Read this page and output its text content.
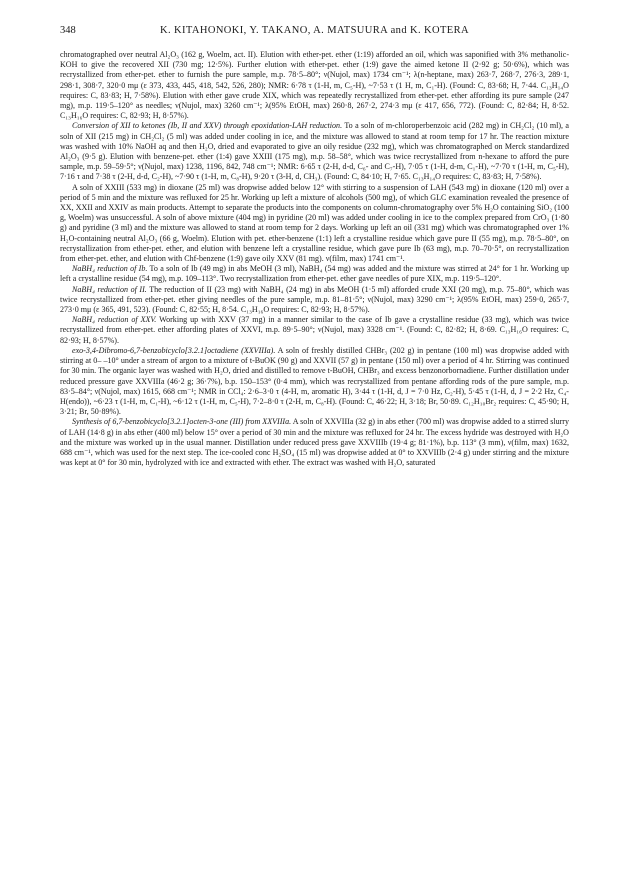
348	K. KITAHONOKI, Y. TAKANO, A. MATSUURA and K. KOTERA

chromatographed over neutral Al₂O₃ (162 g, Woelm, act. II). Elution with ether-pet. ether (1:19) afforded an oil, which was saponified with 3% methanolic-KOH to give the recovered XII (730 mg; 12·5%). Further elution with ether-pet. ether (1:9) gave the aimed ketone II (2·92 g; 50·6%), which was recrystallized from ether-pet. ether to furnish the pure sample, m.p. 78·5–80°; ν(Nujol, max) 1734 cm⁻¹; λ(n-heptane, max) 263·7, 268·7, 276·3, 289·1, 298·1, 308·7, 320·0 mμ (ε 373, 433, 445, 418, 542, 526, 280); NMR: 6·78 τ (1-H, m, C₅-H), ~7·53 τ (1 H, m, C₁-H). (Found: C, 83·68; H, 7·44. C₁₃H₁₄O requires: C, 83·83; H, 7·58%). Elution with ether gave crude XIX, which was repeatedly recrystallized from ether-pet. ether affording its pure sample (247 mg), m.p. 119·5–120° as needles; ν(Nujol, max) 3260 cm⁻¹; λ(95% EtOH, max) 260·8, 267·2, 274·3 mμ (ε 417, 656, 772). (Found: C, 82·84; H, 8·52. C₁₃H₁₆O requires: C, 82·93; H, 8·57%).

Conversion of XII to ketones (Ib, II and XXV) through epoxidation-LAH reduction. To a soln of m-chloroperbenzoic acid (282 mg) in CH₂Cl₂ (10 ml), a soln of XII (215 mg) in CH₂Cl₂ (5 ml) was added under cooling in ice, and the mixture was allowed to stand at room temp for 17 hr. The reaction mixture was washed with 10% NaOH aq and then H₂O, dried and evaporated to give an oily residue (232 mg), which was chromatographed on Merck standardized Al₂O₃ (9·5 g). Elution with benzene-pet. ether (1:4) gave XXIII (175 mg), m.p. 58–58°, which was twice recrystallized from n-hexane to afford the pure sample, m.p. 59–59·5°; ν(Nujol, max) 1238, 1196, 842, 748 cm⁻¹; NMR: 6·65 τ (2-H, d-d, C₆- and C₇-H), 7·05 τ (1-H, d-m, C₁-H), ~7·70 τ (1-H, m, C₅-H), 7·16 τ and 7·38 τ (2-H, d-d, C₂-H), ~7·90 τ (1-H, m, C₈-H), 9·20 τ (3-H, d, CH₃). (Found: C, 84·10; H, 7·65. C₁₃H₁₄O requires: C, 83·83; H, 7·58%).

A soln of XXIII (533 mg) in dioxane (25 ml) was dropwise added below 12° with stirring to a suspension of LAH (543 mg) in dioxane (120 ml) over a period of 5 min and the mixture was refluxed for 25 hr. Working up left a mixture of alcohols (500 mg), of which GLC examination revealed the presence of XX, XXII and XXIV as main products. Attempt to separate the products into the components on column-chromatography over 5% H₂O containing SiO₂ (100 g, Woelm) was unsuccessful. A soln of above mixture (404 mg) in pyridine (20 ml) was added under cooling in ice to the complex prepared from CrO₃ (1·80 g) and pyridine (3 ml) and the mixture was allowed to stand at room temp for 2 days. Working up left an oil (331 mg) which was chromatographed over 1% H₂O-containing neutral Al₂O₃ (66 g, Woelm). Elution with pet. ether-benzene (1:1) left a crystalline residue which gave pure II (55 mg), m.p. 78·5–80°, on recrystallization from ether-pet. ether, and elution with benzene left a crystalline residue, which gave pure Ib (63 mg), m.p. 70–70·5°, on recrystallization from ether-pet. ether, and elution with Chf-benzene (1:9) gave oily XXV (81 mg). ν(film, max) 1741 cm⁻¹.

NaBH₄ reduction of Ib. To a soln of Ib (49 mg) in abs MeOH (3 ml), NaBH₄ (54 mg) was added and the mixture was stirred at 24° for 1 hr. Working up left a crystalline residue (54 mg), m.p. 109–113°. Two recrystallization from ether-pet. ether gave needles of pure XIX, m.p. 119·5–120°.

NaBH₄ reduction of II. The reduction of II (23 mg) with NaBH₄ (24 mg) in abs MeOH (1·5 ml) afforded crude XXI (20 mg), m.p. 75–80°, which was twice recrystallized from ether-pet. ether giving needles of the pure sample, m.p. 81–81·5°; ν(Nujol, max) 3290 cm⁻¹; λ(95% EtOH, max) 259·0, 265·7, 273·0 mμ (ε 365, 491, 523). (Found: C, 82·55; H, 8·54. C₁₃H₁₆O requires: C, 82·93; H, 8·57%).

NaBH₄ reduction of XXV. Working up with XXV (37 mg) in a manner similar to the case of Ib gave a crystalline residue (33 mg), which was twice recrystallized from ether-pet. ether affording plates of XXVI, m.p. 89·5–90°; ν(Nujol, max) 3328 cm⁻¹. (Found: C, 82·82; H, 8·69. C₁₃H₁₆O requires: C, 82·93; H, 8·57%).

exo-3,4-Dibromo-6,7-benzobicyclo[3.2.1]octadiene (XXVIIIa). A soln of freshly distilled CHBr₃ (202 g) in pentane (100 ml) was dropwise added with stirring at 0– –10° under a stream of argon to a mixture of t-BuOK (90 g) and XXVII (57 g) in pentane (150 ml) over a period of 4 hr. Stirring was continued for 30 min. The organic layer was washed with H₂O, dried and distilled to remove t-BuOH, CHBr₃ and excess benzonorbornadiene. Further distillation under reduced pressure gave XXVIIIa (46·2 g; 36·7%), b.p. 150–153° (0·4 mm), which was recrystallized from pentane affording rods of the pure sample, m.p. 83·5–84°; ν(Nujol, max) 1615, 668 cm⁻¹; NMR in CCl₄: 2·6–3·0 τ (4-H, m, aromatic H), 3·44 τ (1-H, d, J = 7·0 Hz, C₂-H), 5·45 τ (1-H, d, J = 2·2 Hz, C₄-H(endo)), ~6·23 τ (1-H, m, C₁-H), ~6·12 τ (1-H, m, C₅-H), 7·2–8·0 τ (2-H, m, C₈-H). (Found: C, 46·22; H, 3·18; Br, 50·89. C₁₂H₁₀Br₂ requires: C, 45·90; H, 3·21; Br, 50·89%).

Synthesis of 6,7-benzobicyclo[3.2.1]octen-3-one (III) from XXVIIIa. A soln of XXVIIIa (32 g) in abs ether (700 ml) was dropwise added to a stirred slurry of LAH (14·8 g) in abs ether (400 ml) below 15° over a period of 30 min and the mixture was refluxed for 24 hr. The excess hydride was destroyed with H₂O and the mixture was worked up in the usual manner. Distillation under reduced press gave XXVIIIb (19·4 g; 81·1%), b.p. 113° (3 mm), ν(film, max) 1632, 688 cm⁻¹, which was used for the next step. The ice-cooled conc H₂SO₄ (15 ml) was dropwise added at 0° to XXVIIIb (2·4 g) under stirring and the mixture was kept at 0° for 30 min, hydrolyzed with ice and extracted with ether. The extract was washed with H₂O, saturated
